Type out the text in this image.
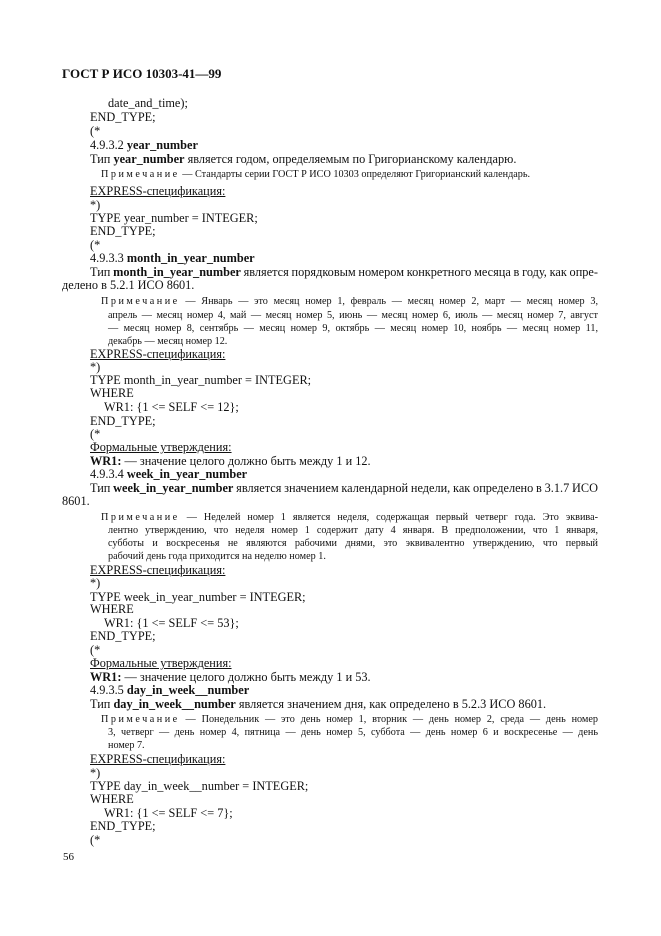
ГОСТ Р ИСО 10303-41—99
date_and_time);
END_TYPE;
(*
4.9.3.2 year_number
Тип year_number является годом, определяемым по Григорианскому календарю.
Примечание — Стандарты серии ГОСТ Р ИСО 10303 определяют Григорианский календарь.
EXPRESS-спецификация:
*)
TYPE year_number = INTEGER;
END_TYPE;
(*
4.9.3.3 month_in_year_number
Тип month_in_year_number является порядковым номером конкретного месяца в году, как опре-
делено в 5.2.1 ИСО 8601.
Примечание — Январь — это месяц номер 1, февраль — месяц номер 2, март — месяц номер 3,
апрель — месяц номер 4, май — месяц номер 5, июнь — месяц номер 6, июль — месяц номер 7, август
— месяц номер 8, сентябрь — месяц номер 9, октябрь — месяц номер 10, ноябрь — месяц номер 11,
декабрь — месяц номер 12.
EXPRESS-спецификация:
*)
TYPE month_in_year_number = INTEGER;
WHERE
WR1: {1 <= SELF <= 12};
END_TYPE;
(*
Формальные утверждения:
WR1: — значение целого должно быть между 1 и 12.
4.9.3.4 week_in_year_number
Тип week_in_year_number является значением календарной недели, как определено в 3.1.7 ИСО
8601.
Примечание — Неделей номер 1 является неделя, содержащая первый четверг года. Это эквива-
лентно утверждению, что неделя номер 1 содержит дату 4 января. В предположении, что 1 января,
субботы и воскресенья не являются рабочими днями, это эквивалентно утверждению, что первый
рабочий день года приходится на неделю номер 1.
EXPRESS-спецификация:
*)
TYPE week_in_year_number = INTEGER;
WHERE
WR1: {1 <= SELF <= 53};
END_TYPE;
(*
Формальные утверждения:
WR1: — значение целого должно быть между 1 и 53.
4.9.3.5 day_in_week__number
Тип day_in_week__number является значением дня, как определено в 5.2.3 ИСО 8601.
Примечание — Понедельник — это день номер 1, вторник — день номер 2, среда — день номер
3, четверг — день номер 4, пятница — день номер 5, суббота — день номер 6 и воскресенье — день
номер 7.
EXPRESS-спецификация:
*)
TYPE day_in_week__number = INTEGER;
WHERE
WR1: {1 <= SELF <= 7};
END_TYPE;
(*
56
